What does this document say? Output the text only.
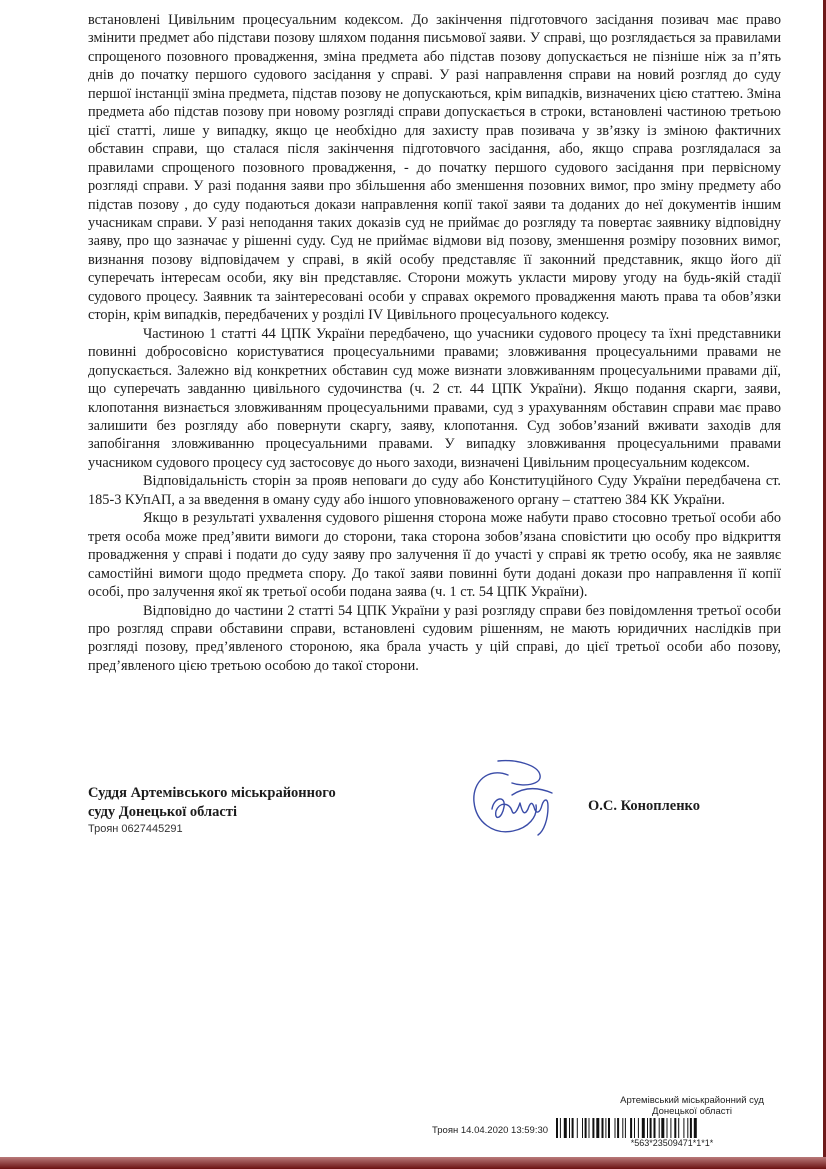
встановлені Цивільним процесуальним кодексом. До закінчення підготовчого засідання позивач має право змінити предмет або підстави позову шляхом подання письмової заяви. У справі, що розглядається за правилами спрощеного позовного провадження, зміна предмета або підстав позову допускається не пізніше ніж за п’ять днів до початку першого судового засідання у справі. У разі направлення справи на новий розгляд до суду першої інстанції зміна предмета, підстав позову не допускаються, крім випадків, визначених цією статтею. Зміна предмета або підстав позову при новому розгляді справи допускається в строки, встановлені частиною третьою цієї статті, лише у випадку, якщо це необхідно для захисту прав позивача у зв’язку із зміною фактичних обставин справи, що сталася після закінчення підготовчого засідання, або, якщо справа розглядалася за правилами спрощеного позовного провадження, - до початку першого судового засідання при первісному розгляді справи. У разі подання заяви про збільшення або зменшення позовних вимог, про зміну предмету або підстав позову , до суду подаються докази направлення копії такої заяви та доданих до неї документів іншим учасникам справи. У разі неподання таких доказів суд не приймає до розгляду та повертає заявнику відповідну заяву, про що зазначає у рішенні суду. Суд не приймає відмови від позову, зменшення розміру позовних вимог, визнання позову відповідачем у справі, в якій особу представляє її законний представник, якщо його дії суперечать інтересам особи, яку він представляє. Сторони можуть укласти мирову угоду на будь-якій стадії судового процесу. Заявник та заінтересовані особи у справах окремого провадження мають права та обов’язки сторін, крім випадків, передбачених у розділі IV Цивільного процесуального кодексу.

Частиною 1 статті 44 ЦПК України передбачено, що учасники судового процесу та їхні представники повинні добросовісно користуватися процесуальними правами; зловживання процесуальними правами не допускається. Залежно від конкретних обставин суд може визнати зловживанням процесуальними правами дії, що суперечать завданню цивільного судочинства (ч. 2 ст. 44 ЦПК України). Якщо подання скарги, заяви, клопотання визнається зловживанням процесуальними правами, суд з урахуванням обставин справи має право залишити без розгляду або повернути скаргу, заяву, клопотання. Суд зобов’язаний вживати заходів для запобігання зловживанню процесуальними правами. У випадку зловживання процесуальними правами учасником судового процесу суд застосовує до нього заходи, визначені Цивільним процесуальним кодексом.

Відповідальність сторін за прояв неповаги до суду або Конституційного Суду України передбачена ст. 185-3 КУпАП, а за введення в оману суду або іншого уповноваженого органу – статтею 384 КК України.

Якщо в результаті ухвалення судового рішення сторона може набути право стосовно третьої особи або третя особа може пред’явити вимоги до сторони, така сторона зобов’язана сповістити цю особу про відкриття провадження у справі і подати до суду заяву про залучення її до участі у справі як третю особу, яка не заявляє самостійні вимоги щодо предмета спору. До такої заяви повинні бути додані докази про направлення її копії особі, про залучення якої як третьої особи подана заява (ч. 1 ст. 54 ЦПК України).

Відповідно до частини 2 статті 54 ЦПК України у разі розгляду справи без повідомлення третьої особи про розгляд справи обставини справи, встановлені судовим рішенням, не мають юридичних наслідків при розгляді позову, пред’явленого стороною, яка брала участь у цій справі, до цієї третьої особи або позову, пред’явленого цією третьою особою до такої сторони.

Суддя Артемівського міськрайонного
суду Донецької області
Троян 0627445291
О.С. Конопленко
Артемівський міськрайонний суд
Донецької області
Троян 14.04.2020 13:59:30
*563*23509471*1*1*
